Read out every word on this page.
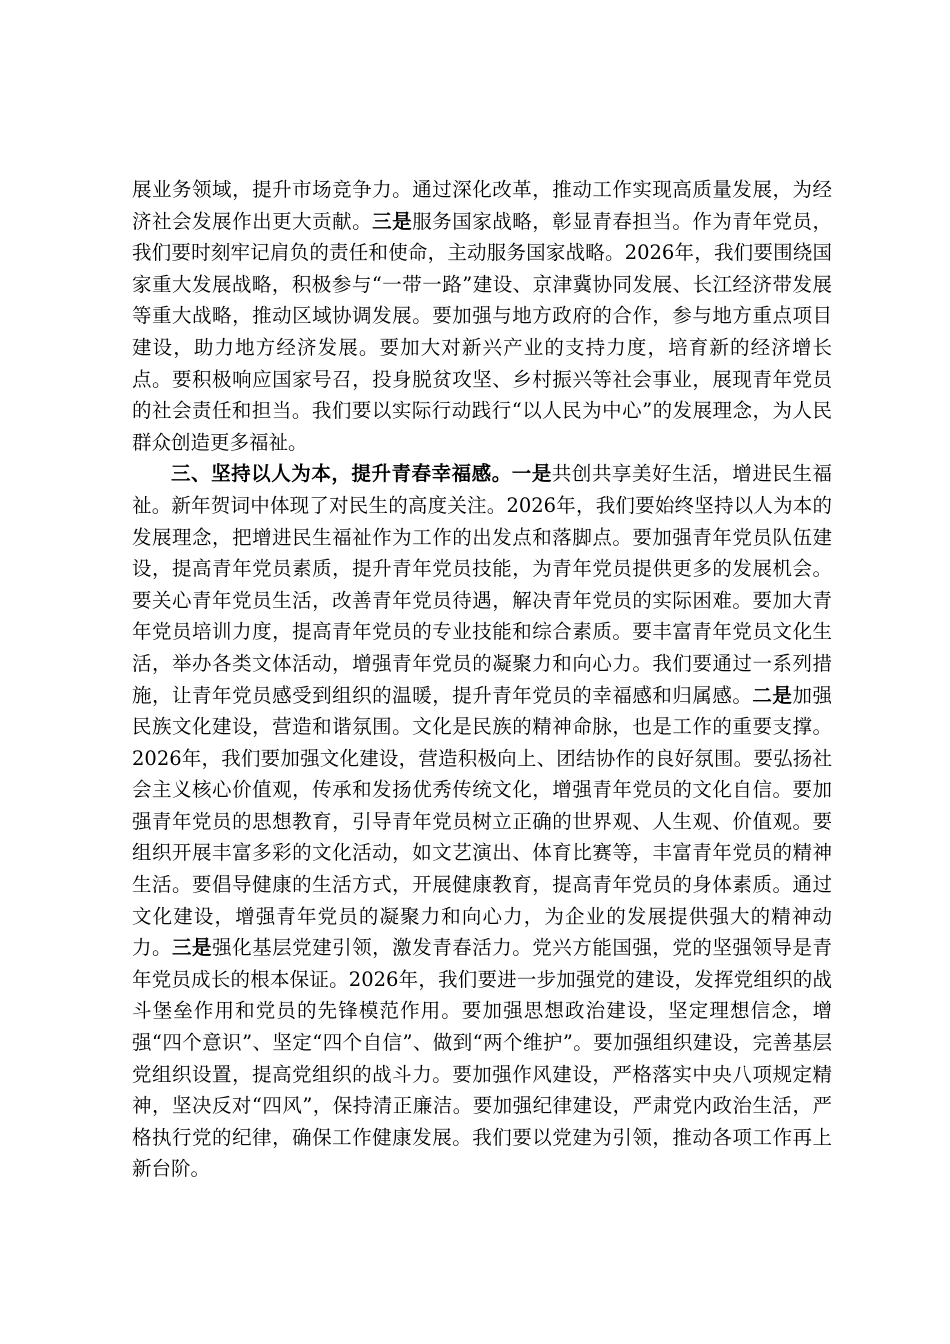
展业务领域，提升市场竞争力。通过深化改革，推动工作实现高质量发展，为经济社会发展作出更大贡献。三是服务国家战略，彰显青春担当。作为青年党员，我们要时刻牢记肩负的责任和使命，主动服务国家战略。2026年，我们要围绕国家重大发展战略，积极参与“一带一路”建设、京津冀协同发展、长江经济带发展等重大战略，推动区域协调发展。要加强与地方政府的合作，参与地方重点项目建设，助力地方经济发展。要加大对新兴产业的支持力度，培育新的经济增长点。要积极响应国家号召，投身脱贫攻坚、乡村振兴等社会事业，展现青年党员的社会责任和担当。我们要以实际行动践行“以人民为中心”的发展理念，为人民群众创造更多福祉。

三、坚持以人为本，提升青春幸福感。一是共创共享美好生活，增进民生福祉。新年贺词中体现了对民生的高度关注。2026年，我们要始终坚持以人为本的发展理念，把增进民生福祉作为工作的出发点和落脚点。要加强青年党员队伍建设，提高青年党员素质，提升青年党员技能，为青年党员提供更多的发展机会。要关心青年党员生活，改善青年党员待遇，解决青年党员的实际困难。要加大青年党员培训力度，提高青年党员的专业技能和综合素质。要丰富青年党员文化生活，举办各类文体活动，增强青年党员的凝聚力和向心力。我们要通过一系列措施，让青年党员感受到组织的温暖，提升青年党员的幸福感和归属感。二是加强民族文化建设，营造和谐氛围。文化是民族的精神命脉，也是工作的重要支撑。2026年，我们要加强文化建设，营造积极向上、团结协作的良好氛围。要弘扬社会主义核心价值观，传承和发扬优秀传统文化，增强青年党员的文化自信。要加强青年党员的思想教育，引导青年党员树立正确的世界观、人生观、价值观。要组织开展丰富多彩的文化活动，如文艺演出、体育比赛等，丰富青年党员的精神生活。要倡导健康的生活方式，开展健康教育，提高青年党员的身体素质。通过文化建设，增强青年党员的凝聚力和向心力，为企业的发展提供强大的精神动力。三是强化基层党建引领，激发青春活力。党兴方能国强，党的坚强领导是青年党员成长的根本保证。2026年，我们要进一步加强党的建设，发挥党组织的战斗堡垒作用和党员的先锋模范作用。要加强思想政治建设，坚定理想信念，增强“四个意识”、坚定“四个自信”、做到“两个维护”。要加强组织建设，完善基层党组织设置，提高党组织的战斗力。要加强作风建设，严格落实中央八项规定精神，坚决反对“四风”，保持清正廉洁。要加强纪律建设，严肃党内政治生活，严格执行党的纪律，确保工作健康发展。我们要以党建为引领，推动各项工作再上新台阶。
